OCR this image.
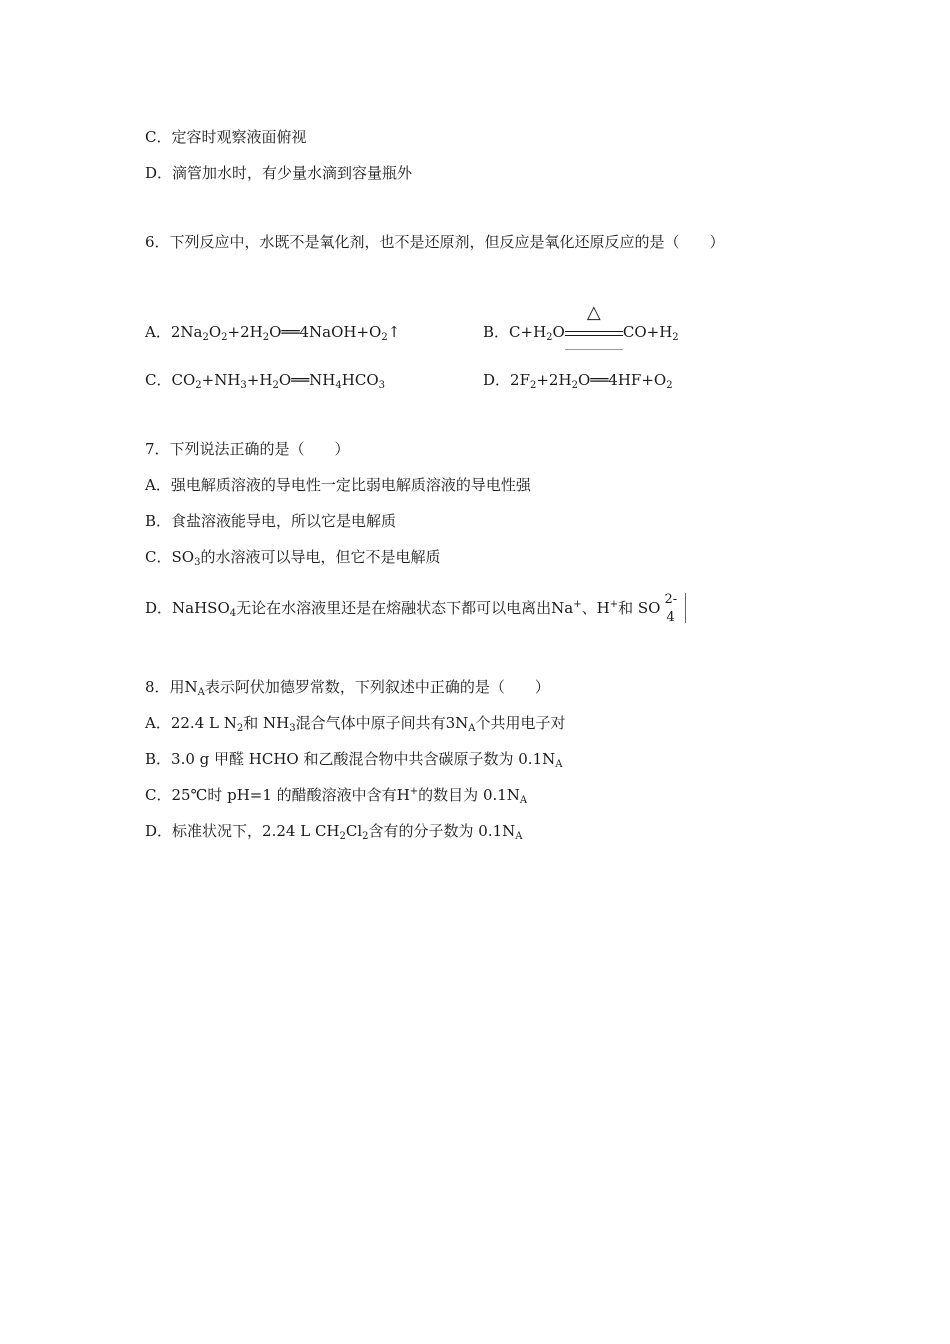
C．定容时观察液面俯视
D．滴管加水时，有少量水滴到容量瓶外
6．下列反应中，水既不是氧化剂，也不是还原剂，但反应是氧化还原反应的是（　　）
A．$2Na_2O_2+2H_2O══4NaOH+O_2↑$	B．$C+H_2O$
△
$CO+H_2$
C．$CO_2+NH_3+H_2O══NH_4HCO_3$	D．$2F_2+2H_2O══4HF+O_2$
7．下列说法正确的是（　　）
A．强电解质溶液的导电性一定比弱电解质溶液的导电性强
B．食盐溶液能导电，所以它是电解质
C．$SO_3$的水溶液可以导电，但它不是电解质
D．NaHSO$_4$无论在水溶液里还是在熔融状态下都可以电离出Na+、H+和 SO 2-
4
8．用$N_A$表示阿伏加德罗常数，下列叙述中正确的是（　　）
A．22.4 L $N_2$和 $NH_3$混合气体中原子间共有$3N_A$个共用电子对
B．3.0 g 甲醛 HCHO 和乙酸混合物中共含碳原子数为 $0.1N_A$
C．25℃时 pH=1 的醋酸溶液中含有H+的数目为 $0.1N_A$
D．标准状况下，2.24 L $CH_2Cl_2$含有的分子数为 $0.1N_A$
